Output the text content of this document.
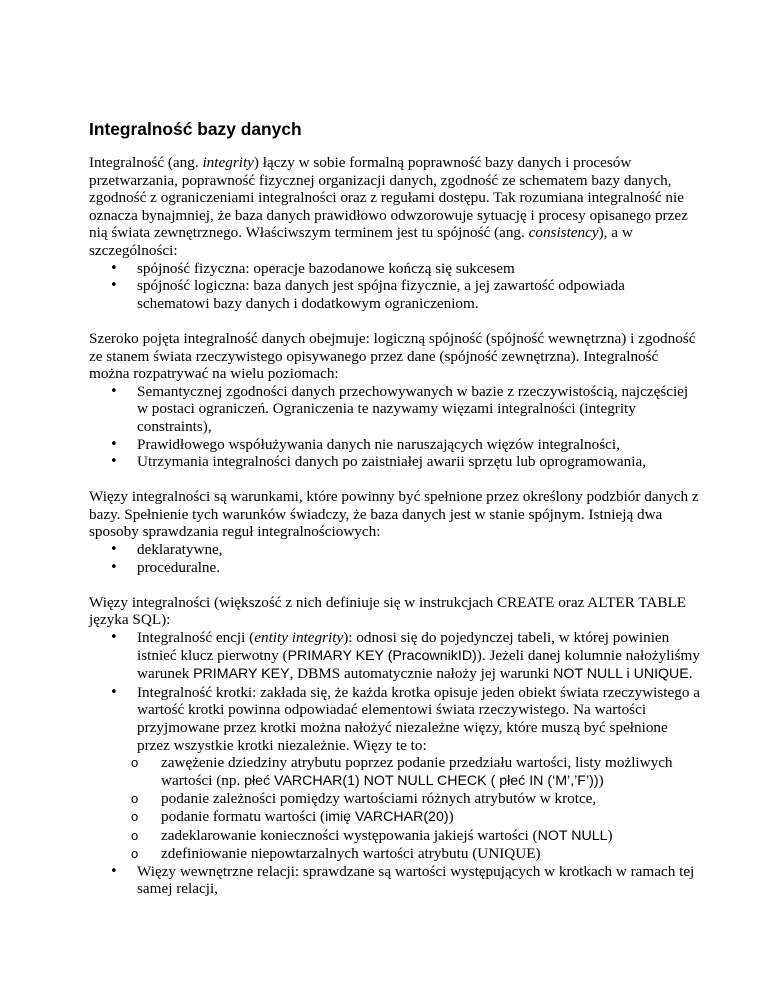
Integralność bazy danych

Integralność (ang. integrity) łączy w sobie formalną poprawność bazy danych i procesów przetwarzania, poprawność fizycznej organizacji danych, zgodność ze schematem bazy danych, zgodność z ograniczeniami integralności oraz z regułami dostępu. Tak rozumiana integralność nie oznacza bynajmniej, że baza danych prawidłowo odwzorowuje sytuację i procesy opisanego przez nią świata zewnętrznego. Właściwszym terminem jest tu spójność (ang. consistency), a w szczególności:

• spójność fizyczna: operacje bazodanowe kończą się sukcesem
• spójność logiczna: baza danych jest spójna fizycznie, a jej zawartość odpowiada schematowi bazy danych i dodatkowym ograniczeniom.

Szeroko pojęta integralność danych obejmuje: logiczną spójność (spójność wewnętrzna) i zgodność ze stanem świata rzeczywistego opisywanego przez dane (spójność zewnętrzna). Integralność można rozpatrywać na wielu poziomach:

• Semantycznej zgodności danych przechowywanych w bazie z rzeczywistością, najczęściej w postaci ograniczeń. Ograniczenia te nazywamy więzami integralności (integrity constraints),
• Prawidłowego współużywania danych nie naruszających więzów integralności,
• Utrzymania integralności danych po zaistniałej awarii sprzętu lub oprogramowania,

Więzy integralności są warunkami, które powinny być spełnione przez określony podzbiór danych z bazy. Spełnienie tych warunków świadczy, że baza danych jest w stanie spójnym. Istnieją dwa sposoby sprawdzania reguł integralnościowych:

• deklaratywne,
• proceduralne.

Więzy integralności (większość z nich definiuje się w instrukcjach CREATE oraz ALTER TABLE języka SQL):

• Integralność encji (entity integrity): odnosi się do pojedynczej tabeli, w której powinien istnieć klucz pierwotny (PRIMARY KEY (PracownikID)). Jeżeli danej kolumnie nałożyliśmy warunek PRIMARY KEY, DBMS automatycznie nałoży jej warunki NOT NULL i UNIQUE.
• Integralność krotki: zakłada się, że każda krotka opisuje jeden obiekt świata rzeczywistego a wartość krotki powinna odpowiadać elementowi świata rzeczywistego. Na wartości przyjmowane przez krotki można nałożyć niezależne więzy, które muszą być spełnione przez wszystkie krotki niezależnie. Więzy te to:
o zawężenie dziedziny atrybutu poprzez podanie przedziału wartości, listy możliwych wartości (np. płeć VARCHAR(1) NOT NULL CHECK ( płeć IN (‘M’,’F’)))
o podanie zależności pomiędzy wartościami różnych atrybutów w krotce,
o podanie formatu wartości (imię VARCHAR(20))
o zadeklarowanie konieczności występowania jakiejś wartości (NOT NULL)
o zdefiniowanie niepowtarzalnych wartości atrybutu (UNIQUE)
• Więzy wewnętrzne relacji: sprawdzane są wartości występujących w krotkach w ramach tej samej relacji,
